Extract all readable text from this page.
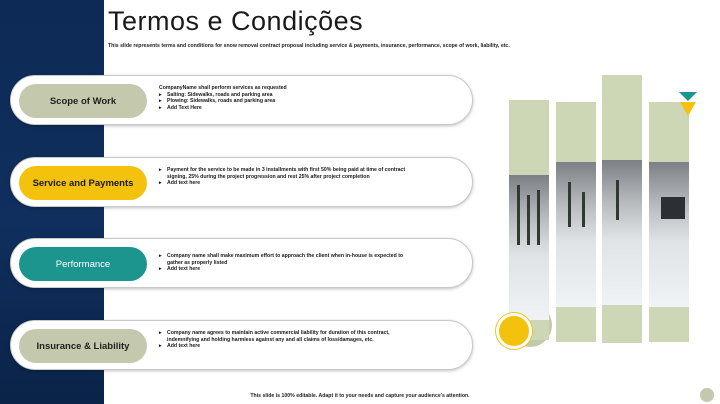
Termos e Condições
This slide represents terms and conditions for snow removal contract proposal including service & payments, insurance, performance, scope of work, liability, etc.
Scope of Work
CompanyName shall perform services as requested
▸ Salting: Sidewalks, roads and parking area
▸ Plowing: Sidewalks, roads and parking area
▸ Add Text Here
Service and Payments
▸ Payment for the service to be made in 3 installments with first 50% being paid at time of contract signing, 25% during the project progression and rest 25% after project completion
▸ Add text here
Performance
▸ Company name shall make maximum effort to approach the client when in-house is expected to gather as properly listed
▸ Add text here
Insurance & Liability
▸ Company name agrees to maintain active commercial liability for duration of this contract, indemnifying and holding harmless against any and all claims of loss/damages, etc.
▸ Add text here
This slide is 100% editable. Adapt it to your needs and capture your audience's attention.
